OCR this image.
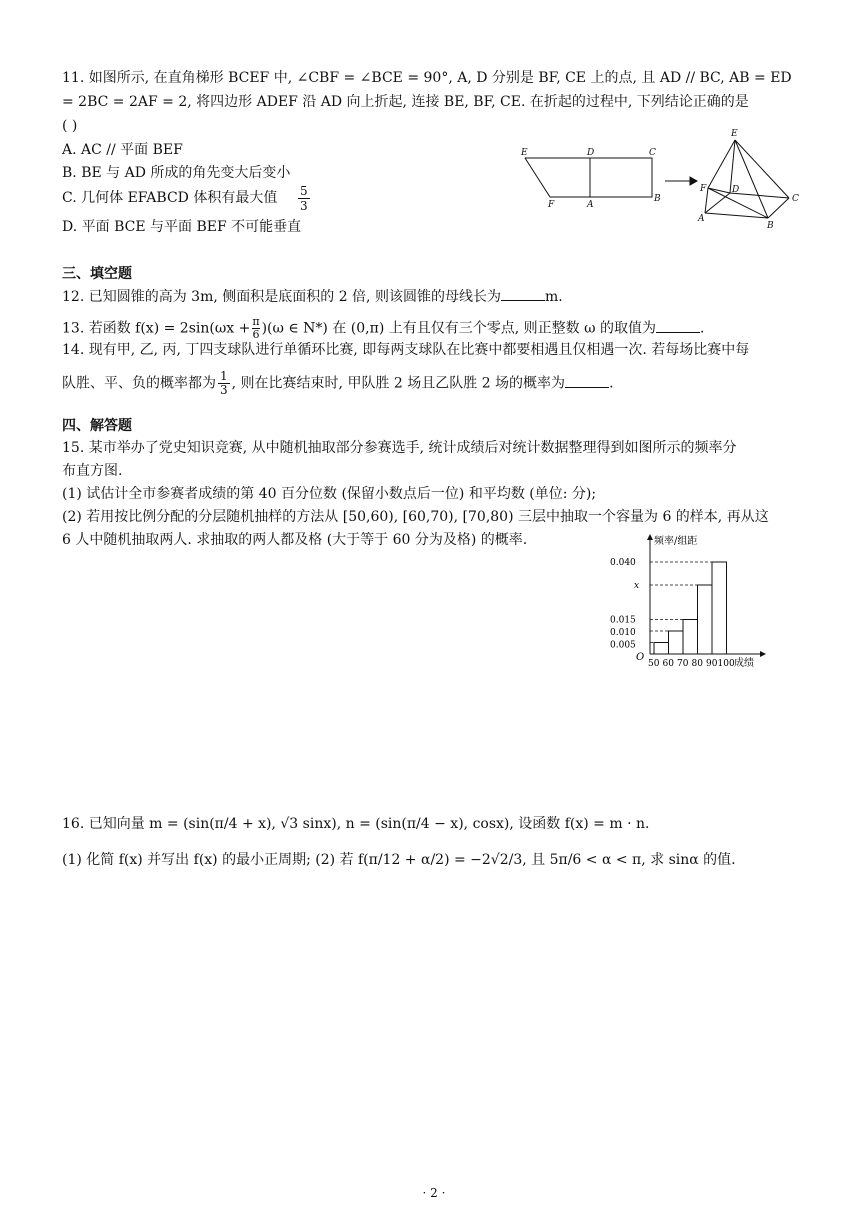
11. 如图所示, 在直角梯形 BCEF 中, ∠CBF = ∠BCE = 90°, A, D 分别是 BF, CE 上的点, 且 AD // BC, AB = ED
= 2BC = 2AF = 2, 将四边形 ADEF 沿 AD 向上折起, 连接 BE, BF, CE. 在折起的过程中, 下列结论正确的是
( )
A. AC // 平面 BEF
B. BE 与 AD 所成的角先变大后变小
C. 几何体 EFABCD 体积有最大值 $\frac{5}{3}$
D. 平面 BCE 与平面 BEF 不可能垂直
E	D	C
F	A
B
E
F	D
C
A
B
三、填空题
12. 已知圆锥的高为 3m, 侧面积是底面积的 2 倍, 则该圆锥的母线长为	m.
13. 若函数 $f(x) = 2\sin(\omega x + \frac{\pi}{6} )(\omega$ ∈ N*) 在 (0,π) 上有且仅有三个零点, 则正整数 ω 的取值为	.
14. 现有甲, 乙, 丙, 丁四支球队进行单循环比赛, 即每两支球队在比赛中都要相遇且仅相遇一次. 若每场比赛中每
队胜、平、负的概率都为 $\frac{1}{3}$ , 则在比赛结束时, 甲队胜 2 场且乙队胜 2 场的概率为	.
四、解答题
15. 某市举办了党史知识竞赛, 从中随机抽取部分参赛选手, 统计成绩后对统计数据整理得到如图所示的频率分
布直方图.
(1) 试估计全市参赛者成绩的第 40 百分位数 (保留小数点后一位) 和平均数 (单位: 分);
(2) 若用按比例分配的分层随机抽样的方法从 [50,60), [60,70), [70,80) 三层中抽取一个容量为 6 的样本, 再从这
6 人中随机抽取两人. 求抽取的两人都及格 (大于等于 60 分为及格) 的概率.	频率/组距
成绩
O
0.005
0.010
0.015
x
0.040
50 60 70 80 90 100
16. 已知向量 m = (sin(π/4 + x), √3 sinx), n = (sin(π/4 − x), cosx), 设函数 f(x) = m · n.
(1) 化简 f(x) 并写出 f(x) 的最小正周期; (2) 若 f(π/12 + α/2) = −2√2/3, 且 5π/6 < α < π, 求 sinα 的值.
· 2 ·
